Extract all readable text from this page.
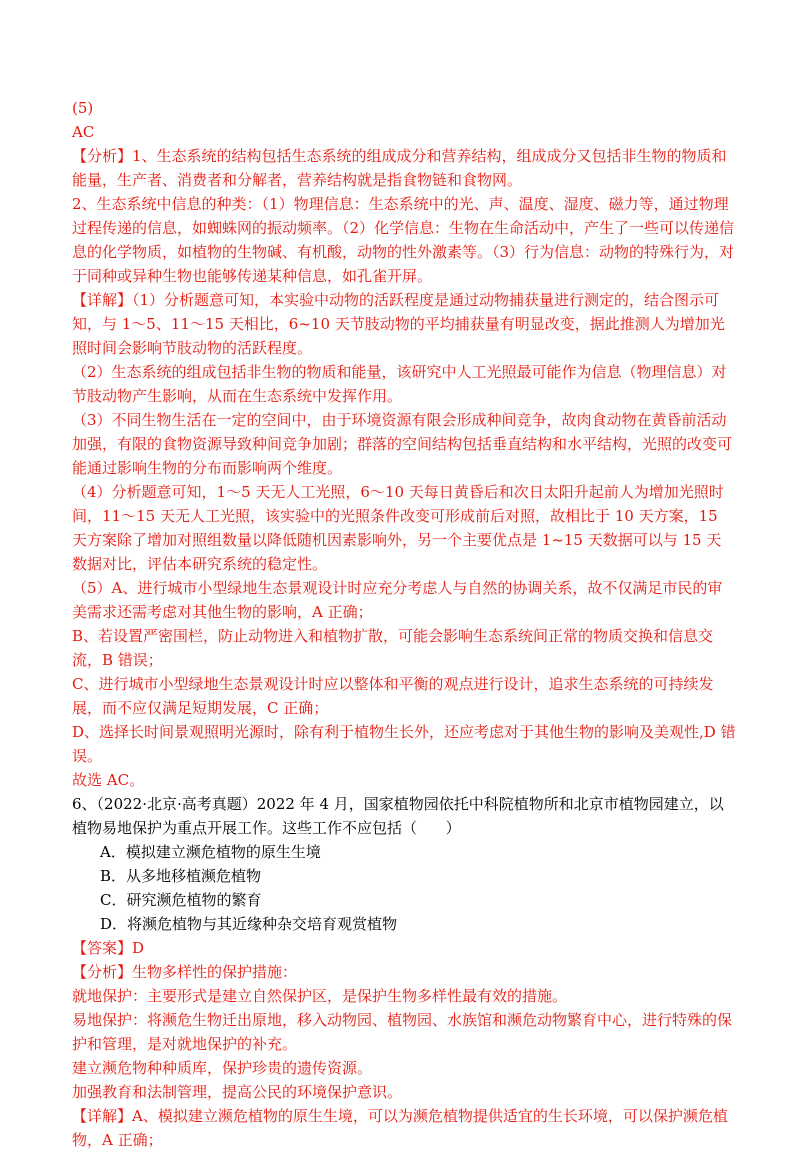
(5)

AC

【分析】1、生态系统的结构包括生态系统的组成成分和营养结构，组成成分又包括非生物的物质和能量，生产者、消费者和分解者，营养结构就是指食物链和食物网。

2、生态系统中信息的种类：（1）物理信息：生态系统中的光、声、温度、湿度、磁力等，通过物理过程传递的信息，如蜘蛛网的振动频率。（2）化学信息：生物在生命活动中，产生了一些可以传递信息的化学物质，如植物的生物碱、有机酸，动物的性外激素等。（3）行为信息：动物的特殊行为，对于同种或异种生物也能够传递某种信息，如孔雀开屏。

【详解】（1）分析题意可知，本实验中动物的活跃程度是通过动物捕获量进行测定的，结合图示可知，与 1～5、11～15 天相比，6~10 天节肢动物的平均捕获量有明显改变，据此推测人为增加光照时间会影响节肢动物的活跃程度。

（2）生态系统的组成包括非生物的物质和能量，该研究中人工光照最可能作为信息（物理信息）对节肢动物产生影响，从而在生态系统中发挥作用。

（3）不同生物生活在一定的空间中，由于环境资源有限会形成种间竞争，故肉食动物在黄昏前活动加强，有限的食物资源导致种间竞争加剧；群落的空间结构包括垂直结构和水平结构，光照的改变可能通过影响生物的分布而影响两个维度。

（4）分析题意可知，1～5 天无人工光照，6～10 天每日黄昏后和次日太阳升起前人为增加光照时间，11～15 天无人工光照，该实验中的光照条件改变可形成前后对照，故相比于 10 天方案，15 天方案除了增加对照组数量以降低随机因素影响外，另一个主要优点是 1~15 天数据可以与 15 天数据对比，评估本研究系统的稳定性。

（5）A、进行城市小型绿地生态景观设计时应充分考虑人与自然的协调关系，故不仅满足市民的审美需求还需考虑对其他生物的影响，A 正确；

B、若设置严密围栏，防止动物进入和植物扩散，可能会影响生态系统间正常的物质交换和信息交流，B 错误；

C、进行城市小型绿地生态景观设计时应以整体和平衡的观点进行设计，追求生态系统的可持续发展，而不应仅满足短期发展，C 正确；

D、选择长时间景观照明光源时，除有利于植物生长外，还应考虑对于其他生物的影响及美观性,D 错误。

故选 AC。

6、（2022·北京·高考真题）2022 年 4 月，国家植物园依托中科院植物所和北京市植物园建立，以植物易地保护为重点开展工作。这些工作不应包括（      ）

A．模拟建立濒危植物的原生生境

B．从多地移植濒危植物

C．研究濒危植物的繁育

D．将濒危植物与其近缘种杂交培育观赏植物

【答案】D

【分析】生物多样性的保护措施：

就地保护：主要形式是建立自然保护区，是保护生物多样性最有效的措施。

易地保护：将濒危生物迁出原地，移入动物园、植物园、水族馆和濒危动物繁育中心，进行特殊的保护和管理，是对就地保护的补充。

建立濒危物种种质库，保护珍贵的遗传资源。

加强教育和法制管理，提高公民的环境保护意识。

【详解】A、模拟建立濒危植物的原生生境，可以为濒危植物提供适宜的生长环境，可以保护濒危植物，A 正确；
